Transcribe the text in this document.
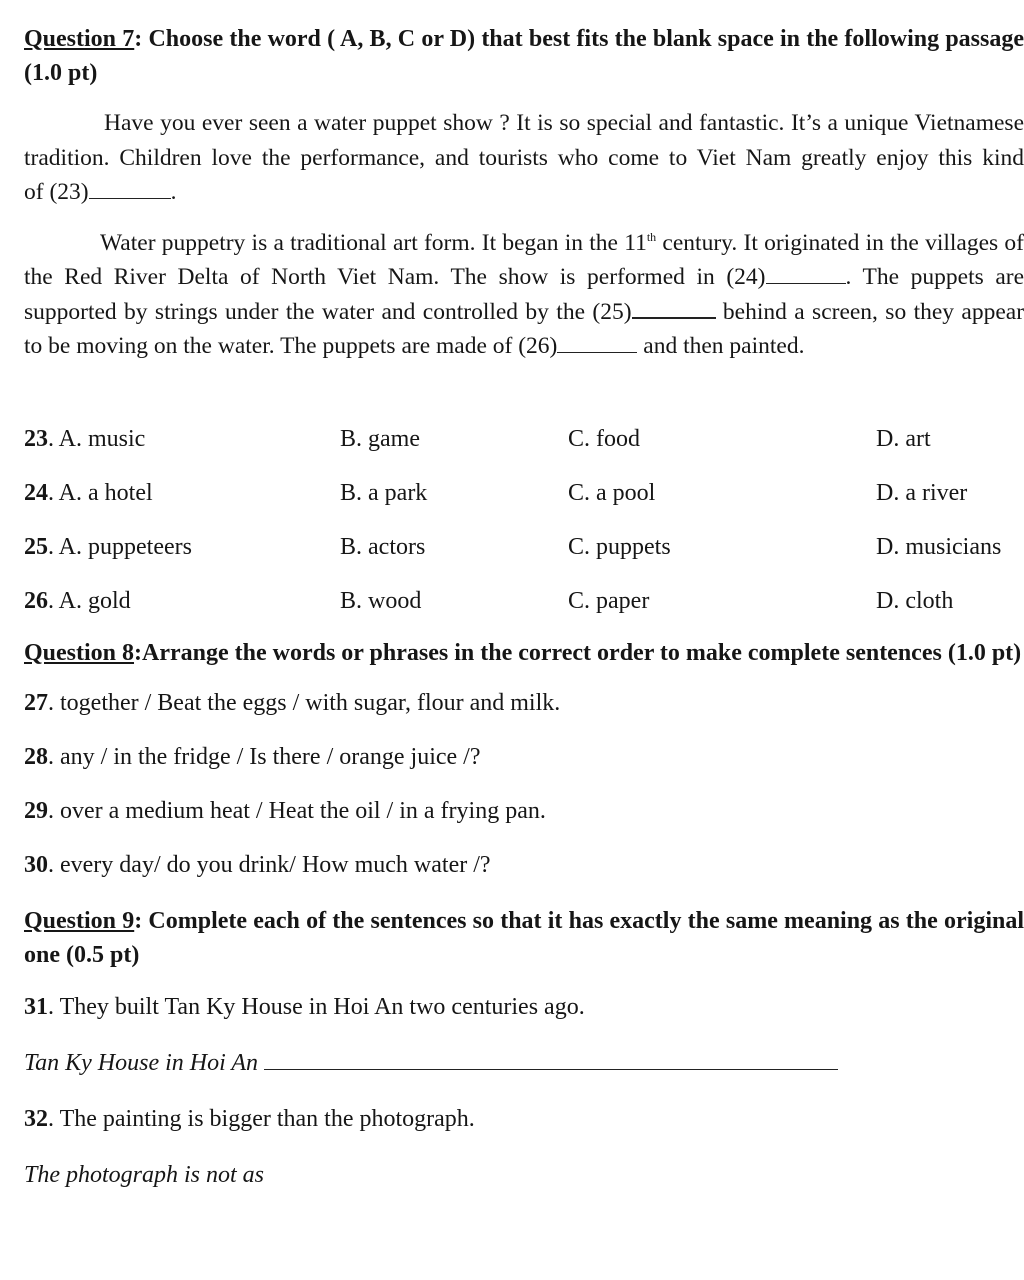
Question 7: Choose the word ( A, B, C or D) that best fits the blank space in the following passage (1.0 pt)

Have you ever seen a water puppet show ? It is so special and fantastic. It’s a unique Vietnamese tradition. Children love the performance, and tourists who come to Viet Nam greatly enjoy this kind of (23)	.

Water puppetry is a traditional art form. It began in the 11th century. It originated in the villages of the Red River Delta of North Viet Nam. The show is performed in (24)	. The puppets are supported by strings under the water and controlled by the (25)	behind a screen, so they appear to be moving on the water. The puppets are made of (26)	and then painted.

23. A. music	B. game	C. food	D. art
24. A. a hotel	B. a park	C. a pool	D. a river
25. A. puppeteers	B. actors	C. puppets	D. musicians
26. A. gold	B. wood	C. paper	D. cloth
Question 8:Arrange the words or phrases in the correct order to make complete sentences (1.0 pt)
27. together / Beat the eggs / with sugar, flour and milk.
28. any / in the fridge / Is there / orange juice /?
29. over a medium heat / Heat the oil / in a frying pan.
30. every day/ do you drink/ How much water /?
Question 9: Complete each of the sentences so that it has exactly the same meaning as the original one (0.5 pt)
31. They built Tan Ky House in Hoi An two centuries ago.
Tan Ky House in Hoi An
32. The painting is bigger than the photograph.
The photograph is not as
